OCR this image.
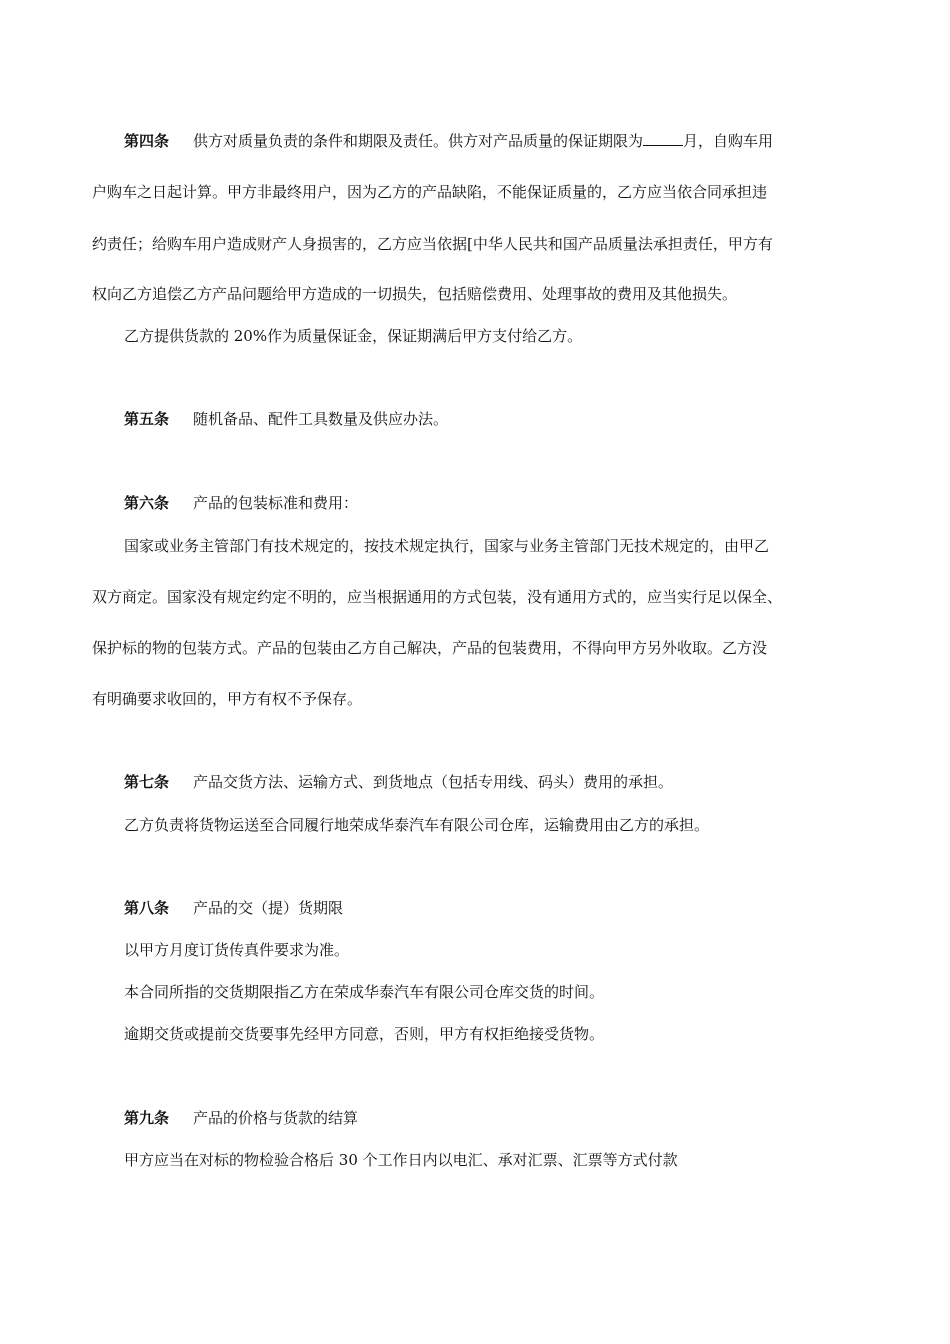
第四条 供方对质量负责的条件和期限及责任。供方对产品质量的保证期限为	月，自购车用
户购车之日起计算。甲方非最终用户，因为乙方的产品缺陷，不能保证质量的，乙方应当依合同承担违
约责任；给购车用户造成财产人身损害的，乙方应当依据[中华人民共和国产品质量法承担责任，甲方有
权向乙方追偿乙方产品问题给甲方造成的一切损失，包括赔偿费用、处理事故的费用及其他损失。
乙方提供货款的 20%作为质量保证金，保证期满后甲方支付给乙方。
第五条 随机备品、配件工具数量及供应办法。
第六条 产品的包装标准和费用：
国家或业务主管部门有技术规定的，按技术规定执行，国家与业务主管部门无技术规定的，由甲乙
双方商定。国家没有规定约定不明的，应当根据通用的方式包装，没有通用方式的，应当实行足以保全、
保护标的物的包装方式。产品的包装由乙方自己解决，产品的包装费用，不得向甲方另外收取。乙方没
有明确要求收回的，甲方有权不予保存。
第七条 产品交货方法、运输方式、到货地点（包括专用线、码头）费用的承担。
乙方负责将货物运送至合同履行地荣成华泰汽车有限公司仓库，运输费用由乙方的承担。
第八条 产品的交（提）货期限
以甲方月度订货传真件要求为准。
本合同所指的交货期限指乙方在荣成华泰汽车有限公司仓库交货的时间。
逾期交货或提前交货要事先经甲方同意，否则，甲方有权拒绝接受货物。
第九条 产品的价格与货款的结算
甲方应当在对标的物检验合格后 30 个工作日内以电汇、承对汇票、汇票等方式付款
